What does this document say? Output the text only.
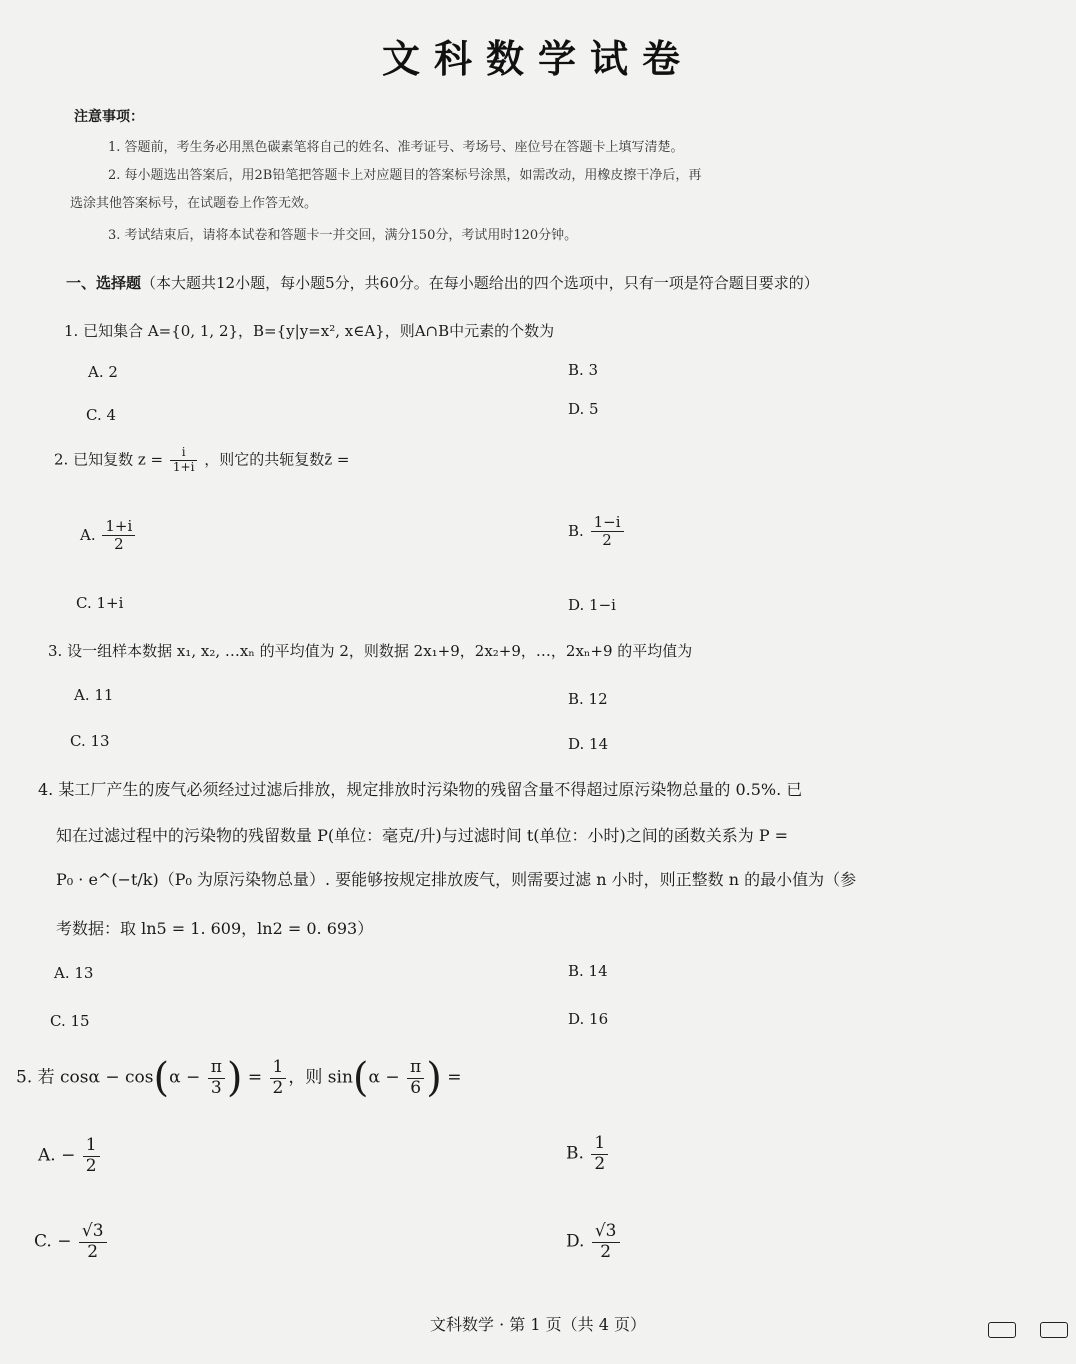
文科数学试卷
注意事项：
1. 答题前，考生务必用黑色碳素笔将自己的姓名、准考证号、考场号、座位号在答题卡上填写清楚。
2. 每小题选出答案后，用2B铅笔把答题卡上对应题目的答案标号涂黑，如需改动，用橡皮擦干净后，再
选涂其他答案标号，在试题卷上作答无效。
3. 考试结束后，请将本试卷和答题卡一并交回，满分150分，考试用时120分钟。
一、选择题（本大题共12小题，每小题5分，共60分。在每小题给出的四个选项中，只有一项是符合题目要求的）
1. 已知集合 A={0, 1, 2}，B={y|y=x², x∈A}，则A∩B中元素的个数为
A. 2	B. 3
C. 4	D. 5
2. 已知复数 $z = \frac{i}{1+i}$ ，则它的共轭复数z̄ =
A. $\frac{1+i}{2}$	B. $\frac{1-i}{2}$
C. 1+i	D. 1−i
3. 设一组样本数据 x₁, x₂, …xₙ 的平均值为 2，则数据 2x₁+9，2x₂+9，…，2xₙ+9 的平均值为
A. 11	B. 12
C. 13	D. 14
4. 某工厂产生的废气必须经过过滤后排放，规定排放时污染物的残留含量不得超过原污染物总量的 0.5%. 已
知在过滤过程中的污染物的残留数量 P(单位：毫克/升)与过滤时间 t(单位：小时)之间的函数关系为 P =
P₀ · e^(−t/k)（P₀ 为原污染物总量）. 要能够按规定排放废气，则需要过滤 n 小时，则正整数 n 的最小值为（参
考数据：取 ln5 = 1. 609，ln2 = 0. 693）
A. 13	B. 14
C. 15	D. 16
5. 若 $\cos\alpha - \cos(\alpha - \frac{\pi}{3}$ ) = $\frac{1}{2}$ ，则 $\sin(\alpha - \frac{\pi}{6}$ ) =
A. − $\frac{1}{2}$	B. $\frac{1}{2}$
C. − $\frac{√3}{2}$	D. $\frac{√3}{2}$
文科数学 · 第 1 页（共 4 页）
